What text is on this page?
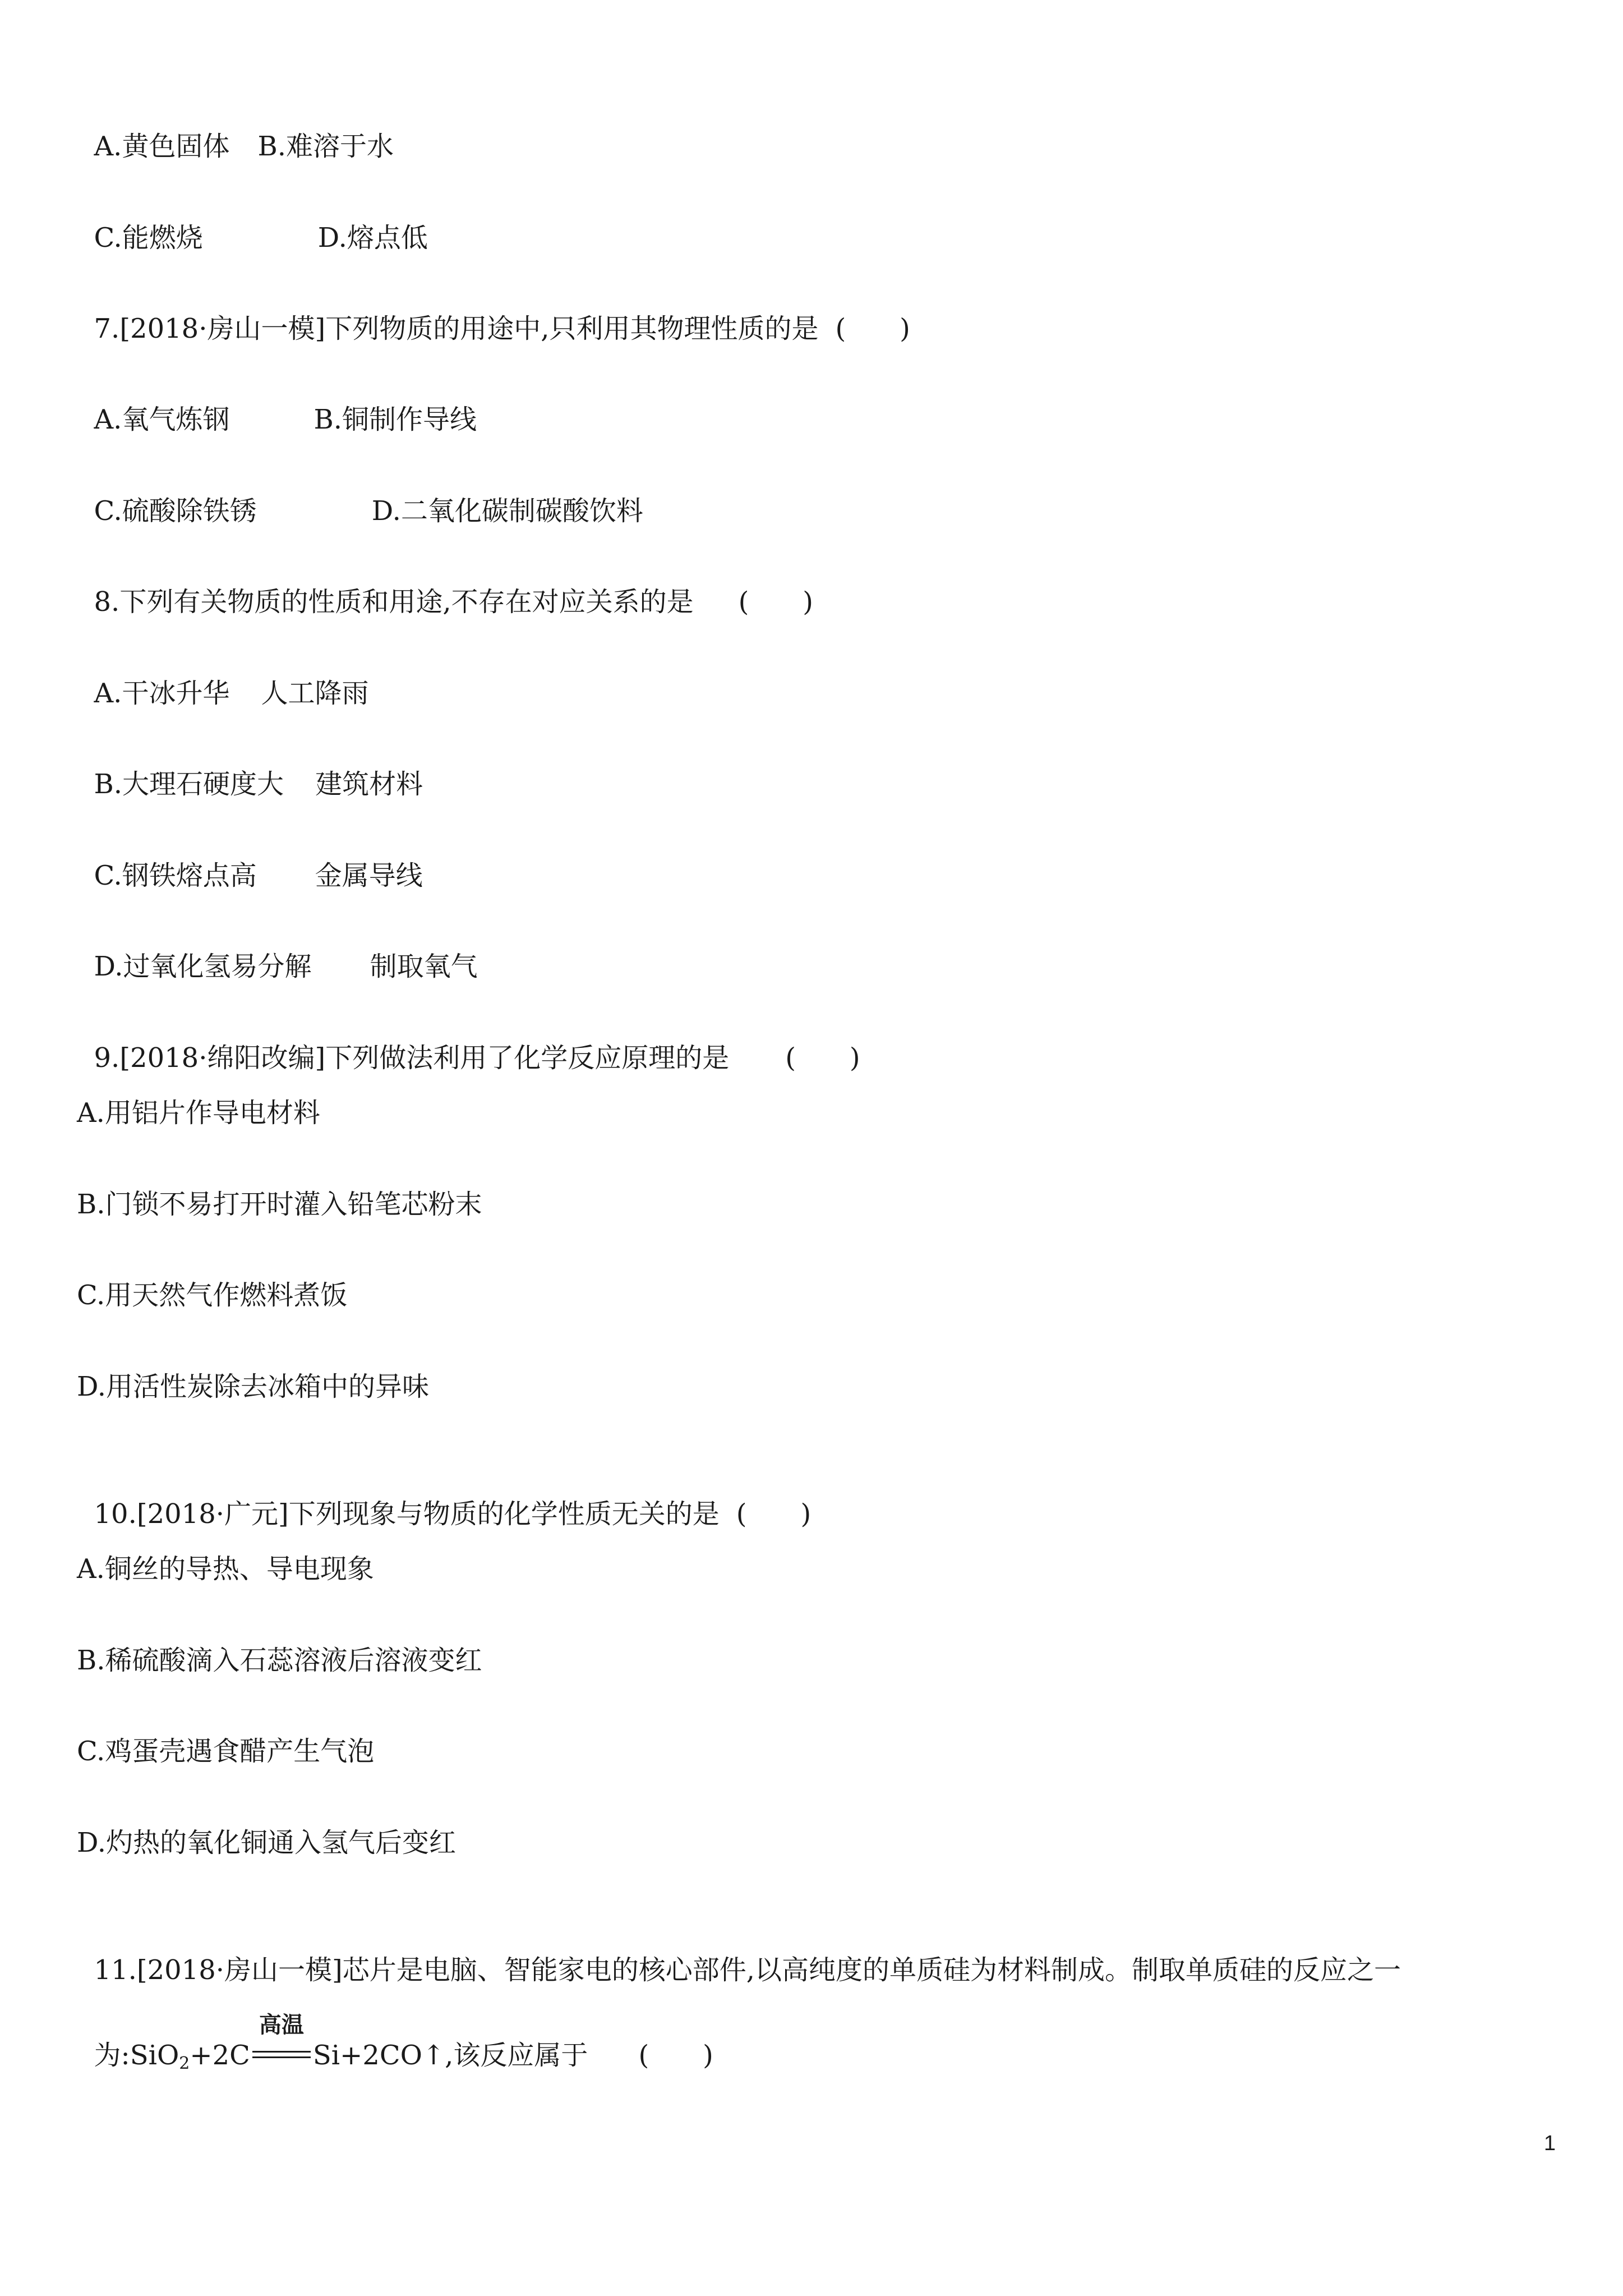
A.黄色固体 B.难溶于水

C.能燃烧	D.熔点低

7.[2018·房山一模]下列物质的用途中,只利用其物理性质的是 (　　)

A.氧气炼钢	B.铜制作导线

C.硫酸除铁锈	D.二氧化碳制碳酸饮料

8.下列有关物质的性质和用途,不存在对应关系的是 (　　)

A.干冰升华 人工降雨

B.大理石硬度大 建筑材料

C.钢铁熔点高 金属导线

D.过氧化氢易分解 制取氧气

9.[2018·绵阳改编]下列做法利用了化学反应原理的是 (　　)

A.用铝片作导电材料
B.门锁不易打开时灌入铅笔芯粉末
C.用天然气作燃料煮饭
D.用活性炭除去冰箱中的异味

10.[2018·广元]下列现象与物质的化学性质无关的是 (　　)

A.铜丝的导热、导电现象
B.稀硫酸滴入石蕊溶液后溶液变红
C.鸡蛋壳遇食醋产生气泡
D.灼热的氧化铜通入氢气后变红

11.[2018·房山一模]芯片是电脑、智能家电的核心部件,以高纯度的单质硅为材料制成。制取单质硅的反应之一

为:SiO$_2$+2C
高温
Si+2CO↑,该反应属于 (　　)

1
